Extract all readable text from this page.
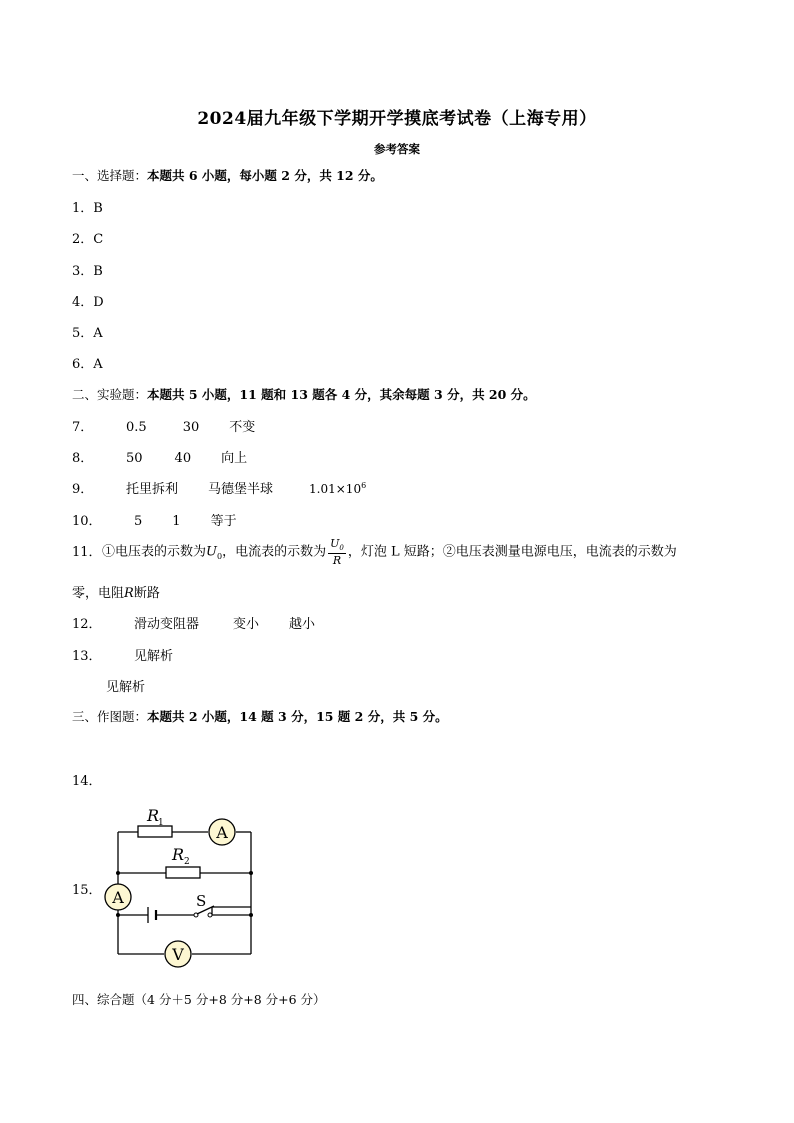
2024届九年级下学期开学摸底考试卷（上海专用）
参考答案
一、选择题：本题共 6 小题，每小题 2 分，共 12 分。
1．B
2．C
3．B
4．D
5．A
6．A
二、实验题：本题共 5 小题，11 题和 13 题各 4 分，其余每题 3 分，共 20 分。
7．	0.5	30 不变
8．	50 40 向上
9．	托里拆利 马德堡半球	$1.01\times 10^6$
10． 5 1 等于
11．①电压表的示数为$U_0$，电流表的示数为 $\frac{U_0}{R}$ ，灯泡 L 短路；②电压表测量电源电压，电流表的示数为
零，电阻R断路
12． 滑动变阻器	变小 越小
13． 见解析
见解析
三、作图题：本题共 2 小题，14 题 3 分，15 题 2 分，共 5 分。
14．
15．
A
A
V
S
R
1
R 2
四、综合题（4 分＋5 分+8 分+8 分+6 分）
